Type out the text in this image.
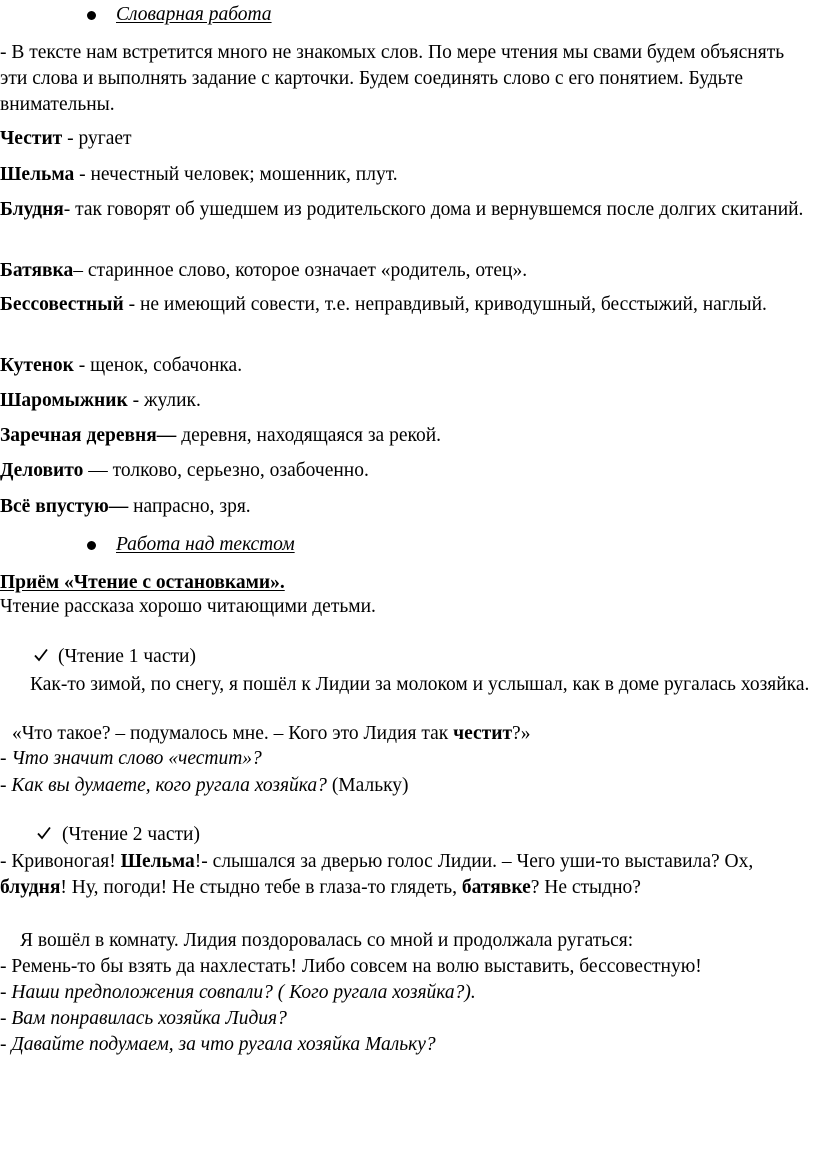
Словарная работа

- В тексте нам встретится много не знакомых слов. По мере чтения мы свами будем объяснять эти слова и выполнять задание с карточки. Будем соединять слово с его понятием. Будьте внимательны.

Честит - ругает

Шельма - нечестный человек; мошенник, плут.

Блудня- так говорят об ушедшем из родительского дома и вернувшемся после долгих скитаний.

Батявка– старинное слово, которое означает «родитель, отец».

Бессовестный - не имеющий совести, т.е. неправдивый, криводушный, бесстыжий, наглый.

Кутенок - щенок, собачонка.

Шаромыжник - жулик.

Заречная деревня— деревня, находящаяся за рекой.

Деловито — толково, серьезно, озабоченно.

Всё впустую— напрасно, зря.

Работа над текстом

Приём «Чтение с остановками».

Чтение рассказа хорошо читающими детьми.

(Чтение 1 части)

Как-то зимой, по снегу, я пошёл к Лидии за молоком и услышал, как в доме ругалась хозяйка.

«Что такое? – подумалось мне. – Кого это Лидия так честит?»

- Что значит слово «честит»?

- Как вы думаете, кого ругала хозяйка? (Мальку)

(Чтение 2 части)

- Кривоногая! Шельма!- слышался за дверью голос Лидии. – Чего уши-то выставила? Ох, блудня! Ну, погоди! Не стыдно тебе в глаза-то глядеть, батявке? Не стыдно?

Я вошёл в комнату. Лидия поздоровалась со мной и продолжала ругаться:

- Ремень-то бы взять да нахлестать! Либо совсем на волю выставить, бессовестную!

- Наши предположения совпали? ( Кого ругала хозяйка?).

- Вам понравилась хозяйка Лидия?

- Давайте подумаем, за что ругала хозяйка Мальку?
